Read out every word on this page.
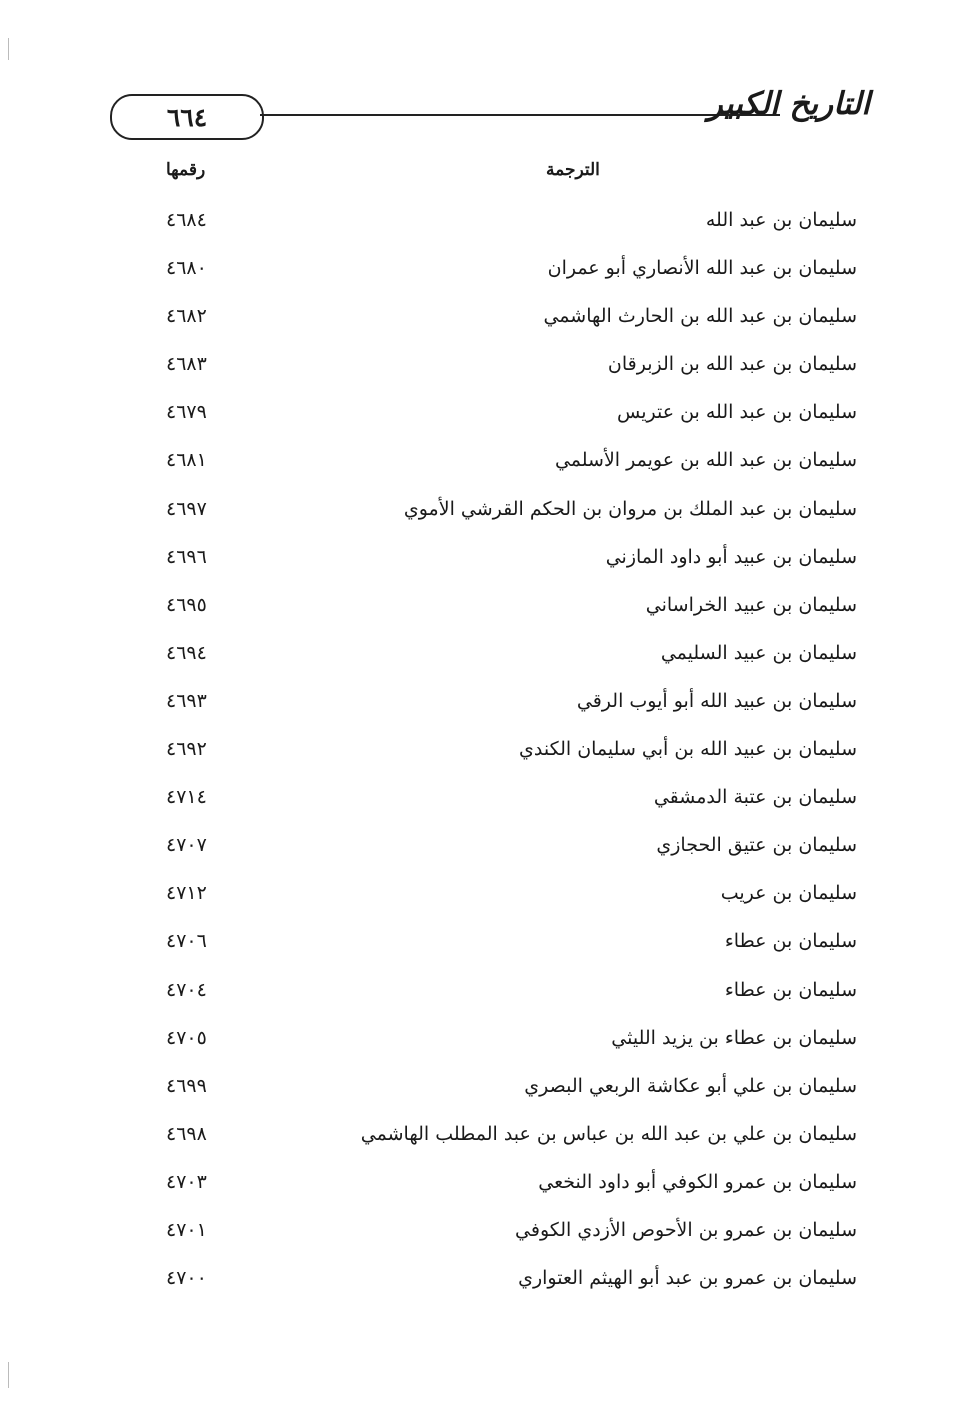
٦٦٤	التاريخ الكبير
الترجمة
رقمها
سليمان بن عبد الله
٤٦٨٤
سليمان بن عبد الله الأنصاري أبو عمران
٤٦٨٠
سليمان بن عبد الله بن الحارث الهاشمي
٤٦٨٢
سليمان بن عبد الله بن الزبرقان
٤٦٨٣
سليمان بن عبد الله بن عتريس
٤٦٧٩
سليمان بن عبد الله بن عويمر الأسلمي
٤٦٨١
سليمان بن عبد الملك بن مروان بن الحكم القرشي الأموي
٤٦٩٧
سليمان بن عبيد أبو داود المازني
٤٦٩٦
سليمان بن عبيد الخراساني
٤٦٩٥
سليمان بن عبيد السليمي
٤٦٩٤
سليمان بن عبيد الله أبو أيوب الرقي
٤٦٩٣
سليمان بن عبيد الله بن أبي سليمان الكندي
٤٦٩٢
سليمان بن عتبة الدمشقي
٤٧١٤
سليمان بن عتيق الحجازي
٤٧٠٧
سليمان بن عريب
٤٧١٢
سليمان بن عطاء
٤٧٠٦
سليمان بن عطاء
٤٧٠٤
سليمان بن عطاء بن يزيد الليثي
٤٧٠٥
سليمان بن علي أبو عكاشة الربعي البصري
٤٦٩٩
سليمان بن علي بن عبد الله بن عباس بن عبد المطلب الهاشمي
٤٦٩٨
سليمان بن عمرو الكوفي أبو داود النخعي
٤٧٠٣
سليمان بن عمرو بن الأحوص الأزدي الكوفي
٤٧٠١
سليمان بن عمرو بن عبد أبو الهيثم العتواري
٤٧٠٠
